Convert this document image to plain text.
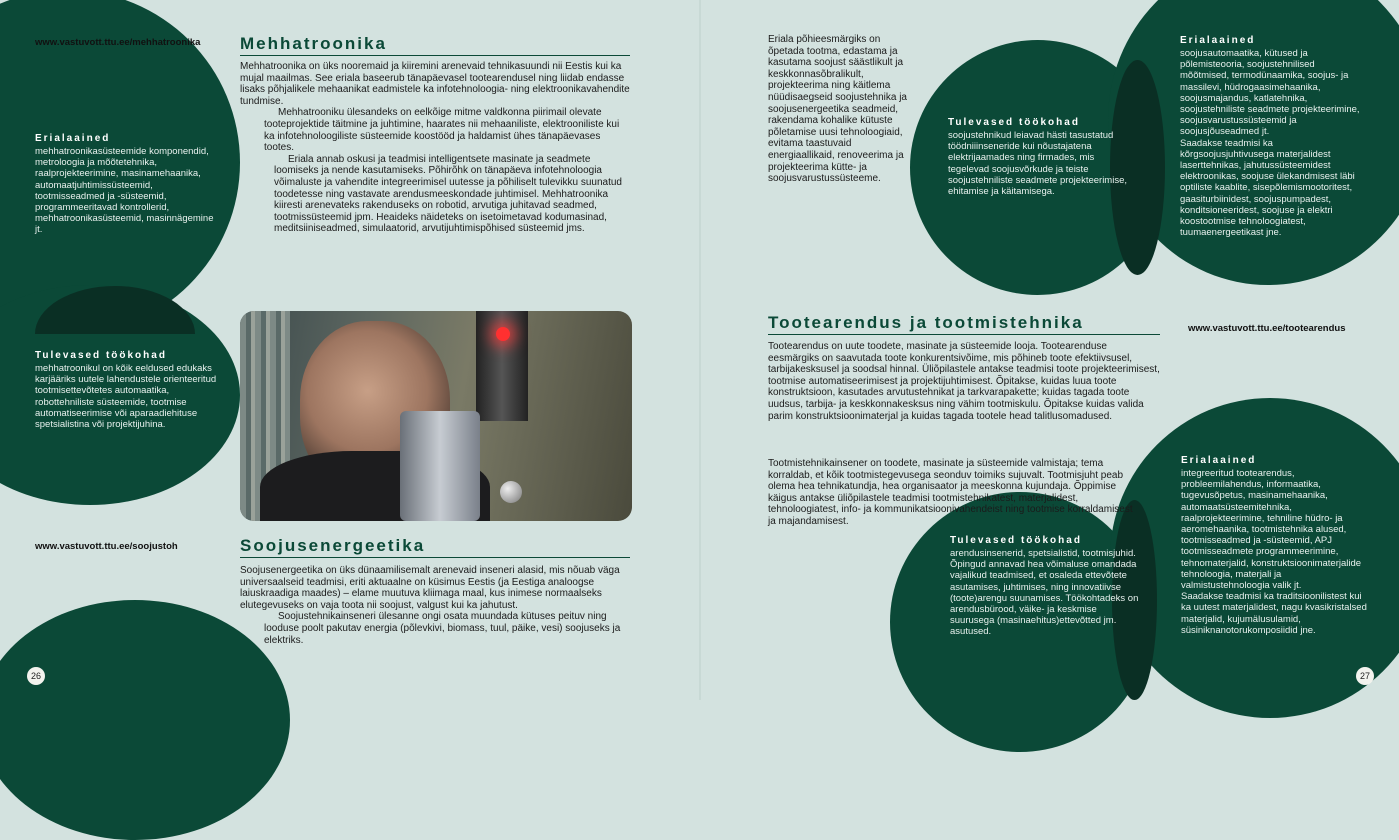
www.vastuvott.ttu.ee/mehhatroonika Mehhatroonika

Mehhatroonika on üks nooremaid ja kiiremini arenevaid tehnikasuundi nii Eestis kui ka mujal maailmas. See eriala baseerub tänapäevasel tootearendusel ning liidab endasse lisaks põhjalikele mehaanikat eadmistele ka infotehnoloogia- ning elektroonikavahendite tundmise.

Mehhatrooniku ülesandeks on eelkõige mitme valdkonna piirimail olevate tooteprojektide täitmine ja juhtimine, haarates nii mehaaniliste, elektrooniliste kui ka infotehnoloogiliste süsteemide koostööd ja haldamist ühes tänapäevases tootes.

Eriala annab oskusi ja teadmisi intelligentsete masinate ja seadmete loomiseks ja nende kasutamiseks. Põhirõhk on tänapäeva infotehnoloogia võimaluste ja vahendite integreerimisel uutesse ja põhiliselt tulevikku suunatud toodetesse ning vastavate arendusmeeskondade juhtimisel. Mehhatroonika kiiresti arenevateks rakenduseks on robotid, arvutiga juhitavad seadmed, tootmissüsteemid jpm. Heaideks näideteks on isetoimetavad kodumasinad, meditsiiniseadmed, simulaatorid, arvutijuhtimispõhised süsteemid jms.

Erialaained

mehhatroonikasüsteemide komponendid, metroloogia ja mõõtetehnika, raalprojekteerimine, masinamehaanika, automaatjuhtimissüsteemid, tootmisseadmed ja -süsteemid, programmeeritavad kontrollerid, mehhatroonikasüsteemid, masinnägemine jt.

Tulevased töökohad

mehhatroonikul on kõik eeldused edukaks karjääriks uutele lahendustele orienteeritud tootmisettevõtetes automaatika, robottehniliste süsteemide, tootmise automatiseerimise või aparaadiehituse spetsialistina või projektijuhina.

www.vastuvott.ttu.ee/soojustoh	Soojusenergeetika

Soojusenergeetika on üks dünaamilisemalt arenevaid inseneri alasid, mis nõuab väga universaalseid teadmisi, eriti aktuaalne on küsimus Eestis (ja Eestiga analoogse laiuskraadiga maades) – elame muutuva kliimaga maal, kus inimese normaalseks elutegevuseks on vaja toota nii soojust, valgust kui ka jahutust.

Soojustehnikainseneri ülesanne ongi osata muundada kütuses peituv ning looduse poolt pakutav energia (põlevkivi, biomass, tuul, päike, vesi) soojuseks ja elektriks.

26
Eriala põhieesmärgiks on õpetada tootma, edastama ja kasutama soojust säästlikult ja keskkonnasõbralikult, projekteerima ning käitlema nüüdisaegseid soojustehnika ja soojusenergeetika seadmeid, rakendama kohalike kütuste põletamise uusi tehnoloogiaid, evitama taastuvaid energiaallikaid, renoveerima ja projekteerima kütte- ja soojusvarustussüsteeme.

Tulevased töökohad

soojustehnikud leiavad hästi tasustatud töödniiinseneride kui nõustajatena elektrijaamades ning firmades, mis tegelevad soojusvõrkude ja teiste soojustehniliste seadmete projekteerimise, ehitamise ja käitamisega.

Erialaained

soojusautomaatika, kütused ja põlemisteooria, soojustehnilised mõõtmised, termodünaamika, soojus- ja massilevi, hüdrogaasimehaanika, soojusmajandus, katlatehnika, soojustehniliste seadmete projekteerimine, soojusvarustussüsteemid ja soojusjõuseadmed jt.

Saadakse teadmisi ka kõrgsoojusjuhtivusega materjalidest laserttehnikas, jahutussüsteemidest elektroonikas, soojuse ülekandmisest läbi optiliste kaablite, sisepõlemismootoritest, gaasiturbiinidest, soojuspumpadest, konditsioneeridest, soojuse ja elektri koostootmise tehnoloogiatest, tuumaenergeetikast jne.

Tootearendus ja tootmistehnika	www.vastuvott.ttu.ee/tootearendus
Tootearendus on uute toodete, masinate ja süsteemide looja. Tootearenduse eesmärgiks on saavutada toote konkurentsivõime, mis põhineb toote efektiivsusel, tarbijakesksusel ja soodsal hinnal. Üliõpilastele antakse teadmisi toote projekteerimisest, tootmise automatiseerimisest ja projektijuhtimisest. Õpitakse, kuidas luua toote konstruktsioon, kasutades arvutustehnikat ja tarkvarapakette; kuidas tagada toote uudsus, tarbija- ja keskkonnakesksus ning vähim tootmiskulu. Õpitakse kuidas valida parim konstruktsioonimaterjal ja kuidas tagada tootele head talitlusomadused.
Tootmistehnikainsener on toodete, masinate ja süsteemide valmistaja; tema korraldab, et kõik tootmistegevusega seonduv toimiks sujuvalt. Tootmisjuht peab olema hea tehnikatundja, hea organisaator ja meeskonna kujundaja. Õppimise käigus antakse üliõpilastele teadmisi tootmistehnikatest, materjalidest, tehnoloogiatest, info- ja kommunikatsioonivahendeist ning tootmise korraldamisest ja majandamisest.

Tulevased töökohad

arendusinsenerid, spetsialistid, tootmisjuhid. Õpingud annavad hea võimaluse omandada vajalikud teadmised, et osaleda ettevõtete asutamises, juhtimises, ning innovatiivse (toote)arengu suunamises. Töökohtadeks on arendusbürood, väike- ja keskmise suurusega (masinaehitus)ettevõtted jm. asutused.

Erialaained

integreeritud tootearendus, probleemilahendus, informaatika, tugevusõpetus, masinamehaanika, automaatsüsteemitehnika, raalprojekteerimine, tehniline hüdro- ja aeromehaanika, tootmistehnika alused, tootmisseadmed ja -süsteemid, APJ tootmisseadmete programmeerimine, tehnomaterjalid, konstruktsioonimaterjalide tehnoloogia, materjali ja valmistustehnoloogia valik jt.

Saadakse teadmisi ka traditsioonilistest kui ka uutest materjalidest, nagu kvasikristalsed materjalid, kujumälusulamid, süsiniknanotorukomposiidid jne.

27
